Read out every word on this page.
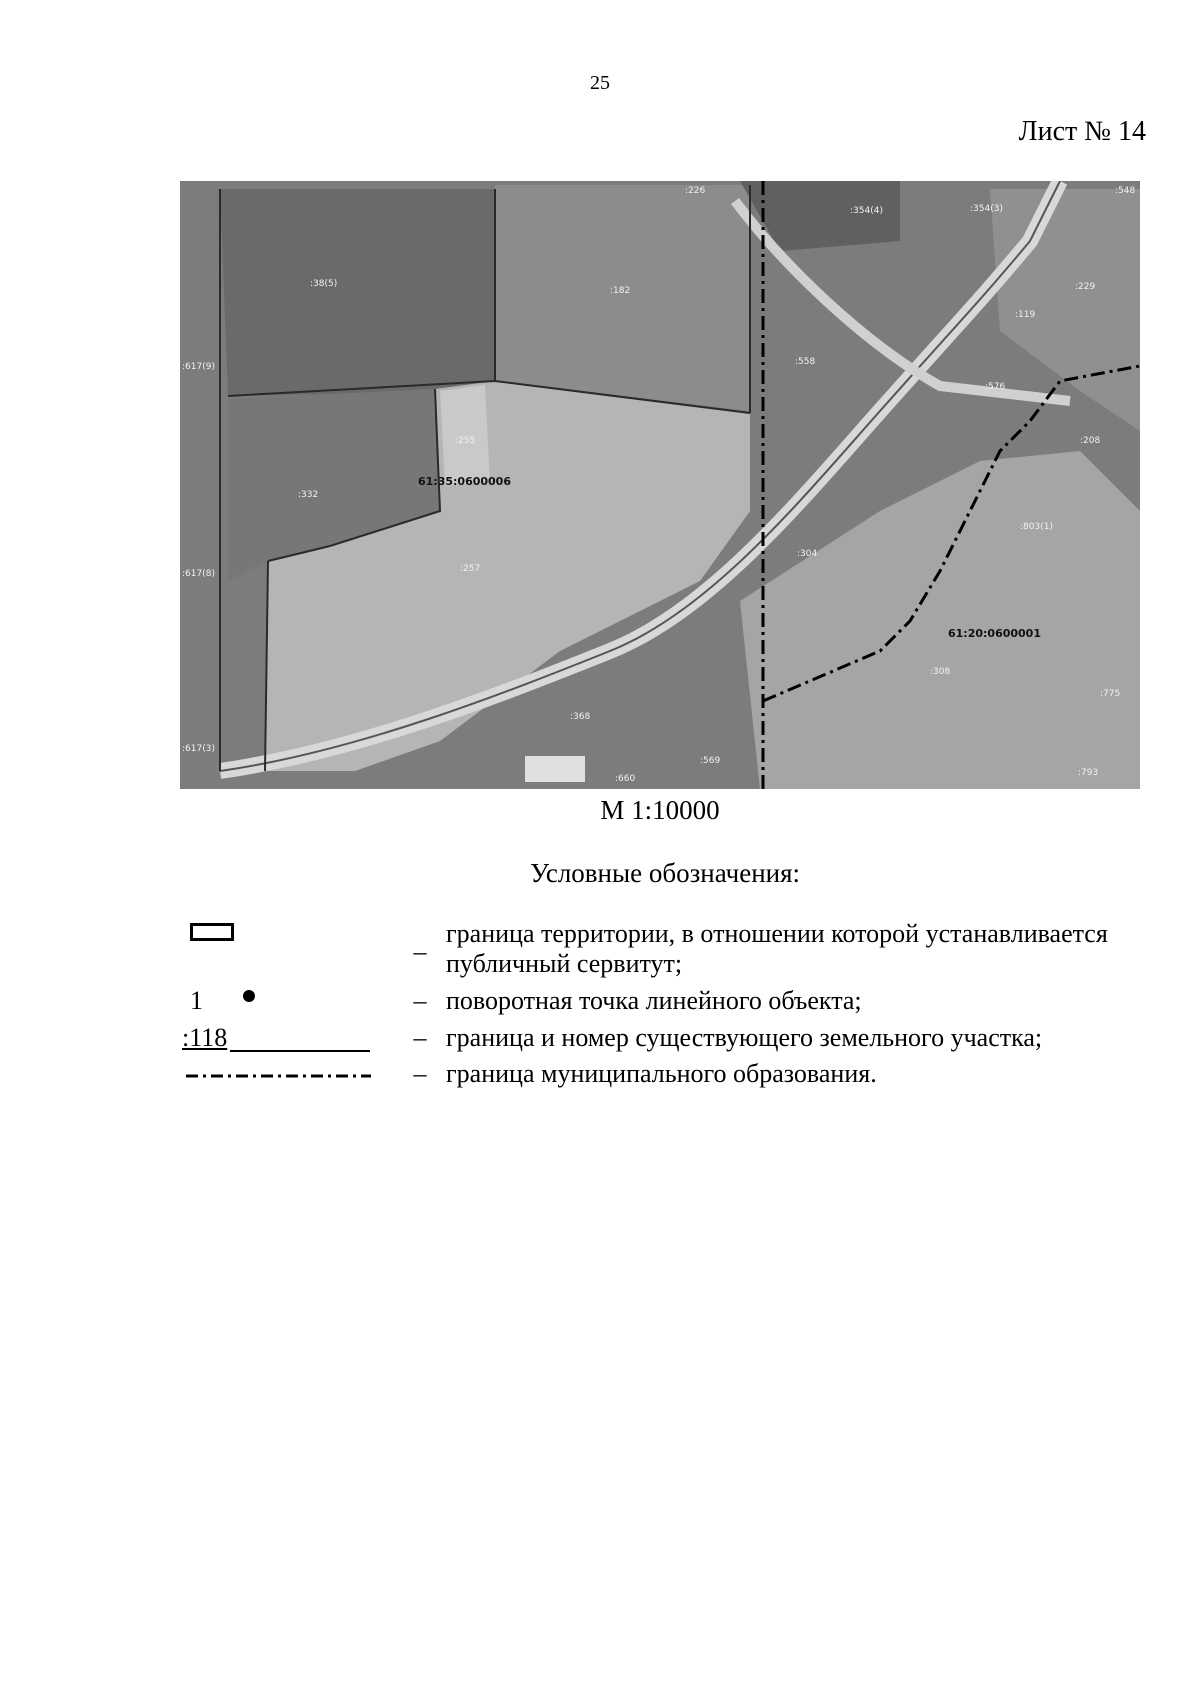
25
Лист № 14
:226
:354(4)	:354(3)
:548
:38(5)
:182	:229
:119
:617(9)	:558
:576
:255	:208
:332
:257
:803(1)
:617(8)
:304
:308
:775
:617(3)
:368
:569
:660
:793
61:35:0600006
61:20:0600001
М 1:10000
Условные обозначения:
–
граница территории, в отношении которой устанавливается публичный сервитут;
1	– поворотная точка линейного объекта;
:118	– граница и номер существующего земельного участка;
– граница муниципального образования.
